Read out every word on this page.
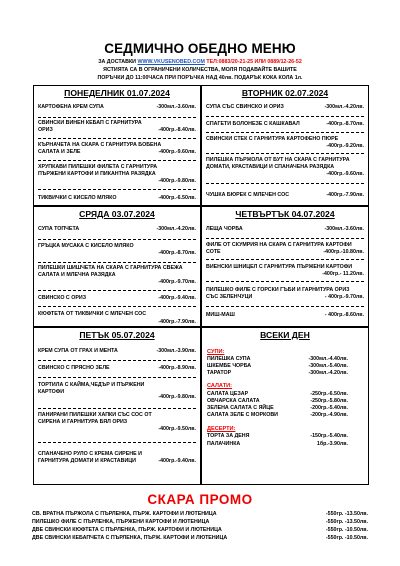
СЕДМИЧНО ОБЕДНО МЕНЮ
ЗА ДОСТАВКИ WWW.VKUSENOBED.COM ТЕЛ:0883/20-21-25 ИЛИ 0889/12-26-52
ЯСТИЯТА СА В ОГРАНИЧЕНИ КОЛИЧЕСТВА, МОЛЯ ПОДАВАЙТЕ ВАШИТЕ
ПОРЪЧКИ ДО 11:00ЧАСА ПРИ ПОРЪЧКА НАД 40лв. ПОДАРЪК КОКА КОЛА 1л.
ПОНЕДЕЛНИК 01.07.2024
КАРТОФЕНА КРЕМ СУПА	-300мл.-3.60лв.
СВИНСКИ ВИНЕН КЕБАП С ГАРНИТУРА ОРИЗ	-400гр.-8.40лв.
КЪРНАЧЕТА НА СКАРА С ГАРНИТУРА БОБЕНА САЛАТА И ЗЕЛЕ	-400гр.-9.60лв.
ХРУПКАВИ ПИЛЕШКИ ФИЛЕТА С ГАРНИТУРА ПЪРЖЕНИ КАРТОФИ И ПИКАНТНА РАЗЯДКА
-400гр.-9.80лв.
ТИКВИЧКИ С КИСЕЛО МЛЯКО	-400гр.-6.50лв.
ВТОРНИК 02.07.2024
СУПА СЪС СВИНСКО И ОРИЗ	-300мл.-4.20лв.
СПАГЕТИ БОЛОНЕЗЕ С КАШКАВАЛ	-400гр.-8.70лв.
СВИНСКИ СТЕК С ГАРНИТУРА КАРТОФЕНО ПЮРЕ
-400гр.-9.20лв.
ПИЛЕШКА ПЪРЖОЛА ОТ БУТ НА СКАРА С ГАРНИТУРА ДОМАТИ, КРАСТАВИЦИ И СПАНАЧЕНА РАЗЯДКА
-400гр.-9.60лв.
ЧУШКА БЮРЕК С МЛЕЧЕН СОС	-400гр.-7.90лв.
СРЯДА 03.07.2024
СУПА ТОПЧЕТА	-300мл.-4.20лв.
ГРЪЦКА МУСАКА С КИСЕЛО МЛЯКО
-400гр.-8.70лв.
ПИЛЕШКИ ШИШЧЕТА НА СКАРА С ГАРНИТУРА СВЕЖА САЛАТА И МЛЕЧНА РАЗЯДКА
-400гр.-9.70лв.
СВИНСКО С ОРИЗ	-400гр.-9.40лв.
КЮФТЕТА ОТ ТИКВИЧКИ С МЛЕЧЕН СОС
-400гр.-7.90лв.
ЧЕТВЪРТЪК 04.07.2024
ЛЕЩА ЧОРБА	-300мл.-3.60лв.
ФИЛЕ ОТ СКУМРИЯ НА СКАРА С ГАРНИТУРА КАРТОФИ СОТЕ	-400гр.-10.80лв.
ВИЕНСКИ ШНИЦЕЛ С ГАРНИТУРА ПЪРЖЕНИ КАРТОФИ
-400гр.- 11.20лв.
ПИЛЕШКО ФИЛЕ С ГОРСКИ ГЪБИ И ГАРНИТУРА ОРИЗ СЪС ЗЕЛЕНЧУЦИ	- 400гр.-9.70лв.
МИШ-МАШ	- 400гр.-8.60лв.
ПЕТЪК 05.07.2024
КРЕМ СУПА ОТ ГРАХ И МЕНТА	-300мл.-3.90лв.
СВИНСКО С ПРЯСНО ЗЕЛЕ	-400гр.-8.90лв.
ТОРТИЛА С КАЙМА,ЧЕДЪР И ПЪРЖЕНИ КАРТОФИ
-400гр.-9.80лв.
ПАНИРАНИ ПИЛЕШКИ ХАПКИ СЪС СОС ОТ СИРЕНА И ГАРНИТУРА БЯЛ ОРИЗ
-400гр.-9.50лв.
СПАНАЧЕНО РУЛО С КРЕМА СИРЕНЕ И ГАРНИТУРА ДОМАТИ И КРАСТАВИЦИ	-400гр.-9.40лв.
ВСЕКИ ДЕН
СУПИ:
ПИЛЕШКА СУПА	-300мл.-4.40лв.
ШКЕМБЕ ЧОРБА	-300мл.-5.40лв.
ТАРАТОР	-300мл.-4.20лв.
САЛАТИ:
САЛАТА ЦЕЗАР	-250гр.-6.50лв.
ОВЧАРСКА САЛАТА	-250гр.-5.80лв.
ЗЕЛЕНА САЛАТА С ЯЙЦЕ	-200гр.-5.40лв.
САЛАТА ЗЕЛЕ С МОРКОВИ	-200гр.-4.90лв.
ДЕСЕРТИ:
ТОРТА ЗА ДЕНЯ	-150гр.-5.40лв.
ПАЛАЧИНКА	1бр.-3.90лв.
СКАРА ПРОМО
СВ. ВРАТНА ПЪРЖОЛА С ПЪРЛЕНКА, ПЪРЖ. КАРТОФИ И ЛЮТЕНИЦА	-550гр. -13.50лв.
ПИЛЕШКО ФИЛЕ С ПЪРЛЕНКА, ПЪРЖЕНИ КАРТОФИ И ЛЮТЕНИЦА	-550гр. -13.50лв.
ДВЕ СВИНСКИ КЮФТЕТА С ПЪРЛЕНКА, ПЪРЖ. КАРТОФИ И ЛЮТЕНИЦА	-550гр. -10.50лв.
ДВЕ СВИНСКИ КЕБАПЧЕТА С ПЪРЛЕНКА, ПЪРЖ. КАРТОФИ И ЛЮТЕНИЦА	-550гр. -10.50лв.
